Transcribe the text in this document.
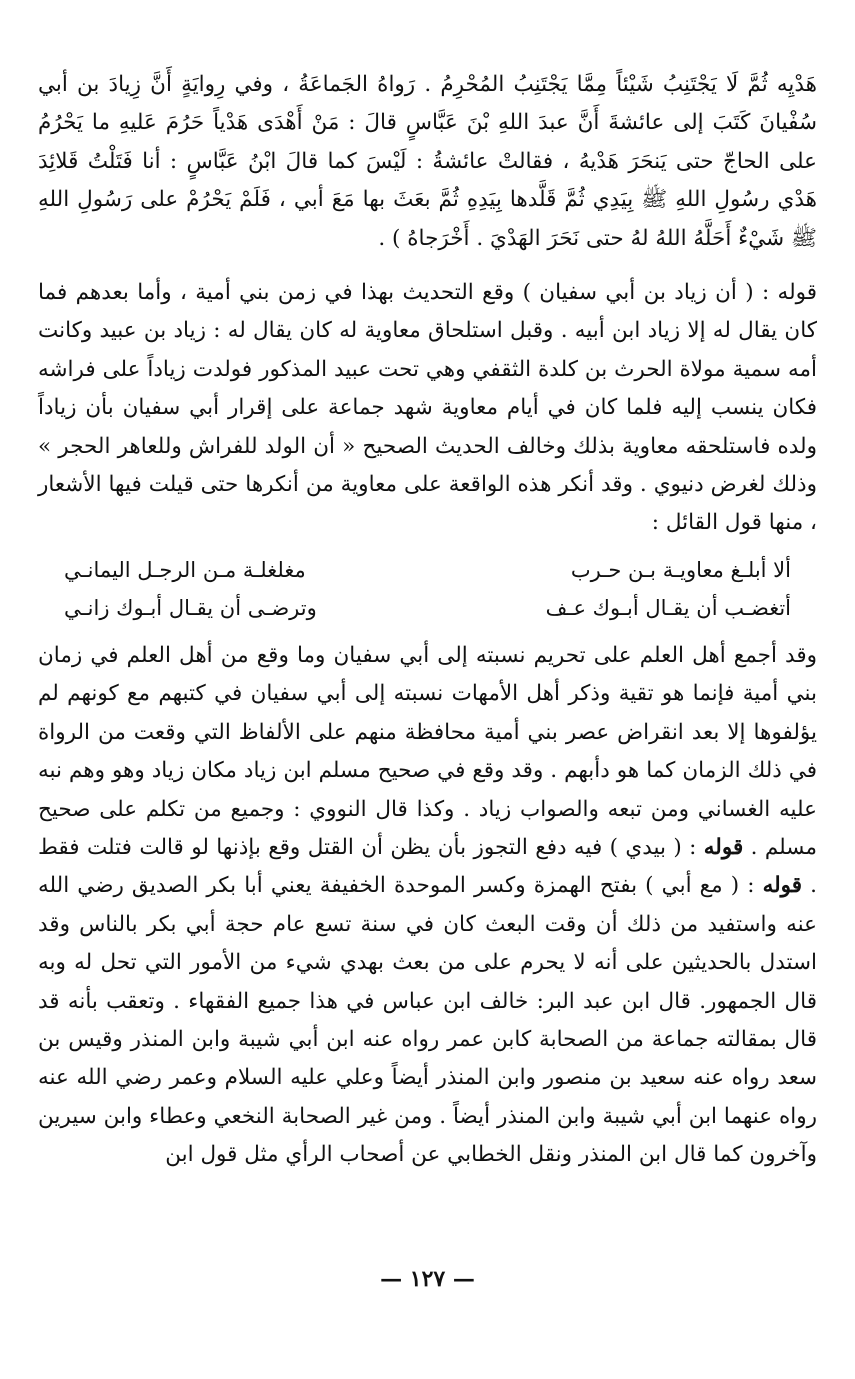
هَدْيِه ثُمَّ لَا يَجْتَنِبُ شَيْئاً مِمَّا يَجْتَنِبُ المُحْرِمُ . رَواهُ الجَماعَةُ ، وفي رِوايَةٍ أَنَّ زِيادَ بن أبي سُفْيانَ كَتَبَ إلى عائشةَ أَنَّ عبدَ اللهِ بْنَ عَبَّاسٍ قالَ : مَنْ أَهْدَى هَدْياً حَرُمَ عَليهِ ما يَحْرُمُ على الحاجّ حتى يَنحَرَ هَدْيهُ ، فقالتْ عائشةُ : لَيْسَ كما قالَ ابْنُ عَبَّاسٍ : أنا فَتَلْتُ قَلائِدَ هَدْي رسُولِ اللهِ ﷺ بِيَدِي ثُمَّ قَلَّدها بِيَدِهِ ثُمَّ بعَثَ بها مَعَ أبي ، فَلَمْ يَحْرُمْ على رَسُولِ اللهِ ﷺ شَيْءٌ أَحَلَّهُ اللهُ لهُ حتى نَحَرَ الهَدْيَ . أَخْرَجاهُ ) .

قوله : ( أن زياد بن أبي سفيان ) وقع التحديث بهذا في زمن بني أمية ، وأما بعدهم فما كان يقال له إلا زياد ابن أبيه . وقبل استلحاق معاوية له كان يقال له : زياد بن عبيد وكانت أمه سمية مولاة الحرث بن كلدة الثقفي وهي تحت عبيد المذكور فولدت زياداً على فراشه فكان ينسب إليه فلما كان في أيام معاوية شهد جماعة على إقرار أبي سفيان بأن زياداً ولده فاستلحقه معاوية بذلك وخالف الحديث الصحيح « أن الولد للفراش وللعاهر الحجر » وذلك لغرض دنيوي . وقد أنكر هذه الواقعة على معاوية من أنكرها حتى قيلت فيها الأشعار ، منها قول القائل :

ألا أبلـغ معاويـة بـن حـرب
مغلغلـة مـن الرجـل اليمانـي
أتغضـب أن يقـال أبـوك عـف
وترضـى أن يقـال أبـوك زانـي

وقد أجمع أهل العلم على تحريم نسبته إلى أبي سفيان وما وقع من أهل العلم في زمان بني أمية فإنما هو تقية وذكر أهل الأمهات نسبته إلى أبي سفيان في كتبهم مع كونهم لم يؤلفوها إلا بعد انقراض عصر بني أمية محافظة منهم على الألفاظ التي وقعت من الرواة في ذلك الزمان كما هو دأبهم . وقد وقع في صحيح مسلم ابن زياد مكان زياد وهو وهم نبه عليه الغساني ومن تبعه والصواب زياد . وكذا قال النووي : وجميع من تكلم على صحيح مسلم . قوله : ( بيدي ) فيه دفع التجوز بأن يظن أن القتل وقع بإذنها لو قالت فتلت فقط . قوله : ( مع أبي ) بفتح الهمزة وكسر الموحدة الخفيفة يعني أبا بكر الصديق رضي الله عنه واستفيد من ذلك أن وقت البعث كان في سنة تسع عام حجة أبي بكر بالناس وقد استدل بالحديثين على أنه لا يحرم على من بعث بهدي شيء من الأمور التي تحل له وبه قال الجمهور. قال ابن عبد البر: خالف ابن عباس في هذا جميع الفقهاء . وتعقب بأنه قد قال بمقالته جماعة من الصحابة كابن عمر رواه عنه ابن أبي شيبة وابن المنذر وقيس بن سعد رواه عنه سعيد بن منصور وابن المنذر أيضاً وعلي عليه السلام وعمر رضي الله عنه رواه عنهما ابن أبي شيبة وابن المنذر أيضاً . ومن غير الصحابة النخعي وعطاء وابن سيرين وآخرون كما قال ابن المنذر ونقل الخطابي عن أصحاب الرأي مثل قول ابن

— ١٢٧ —
